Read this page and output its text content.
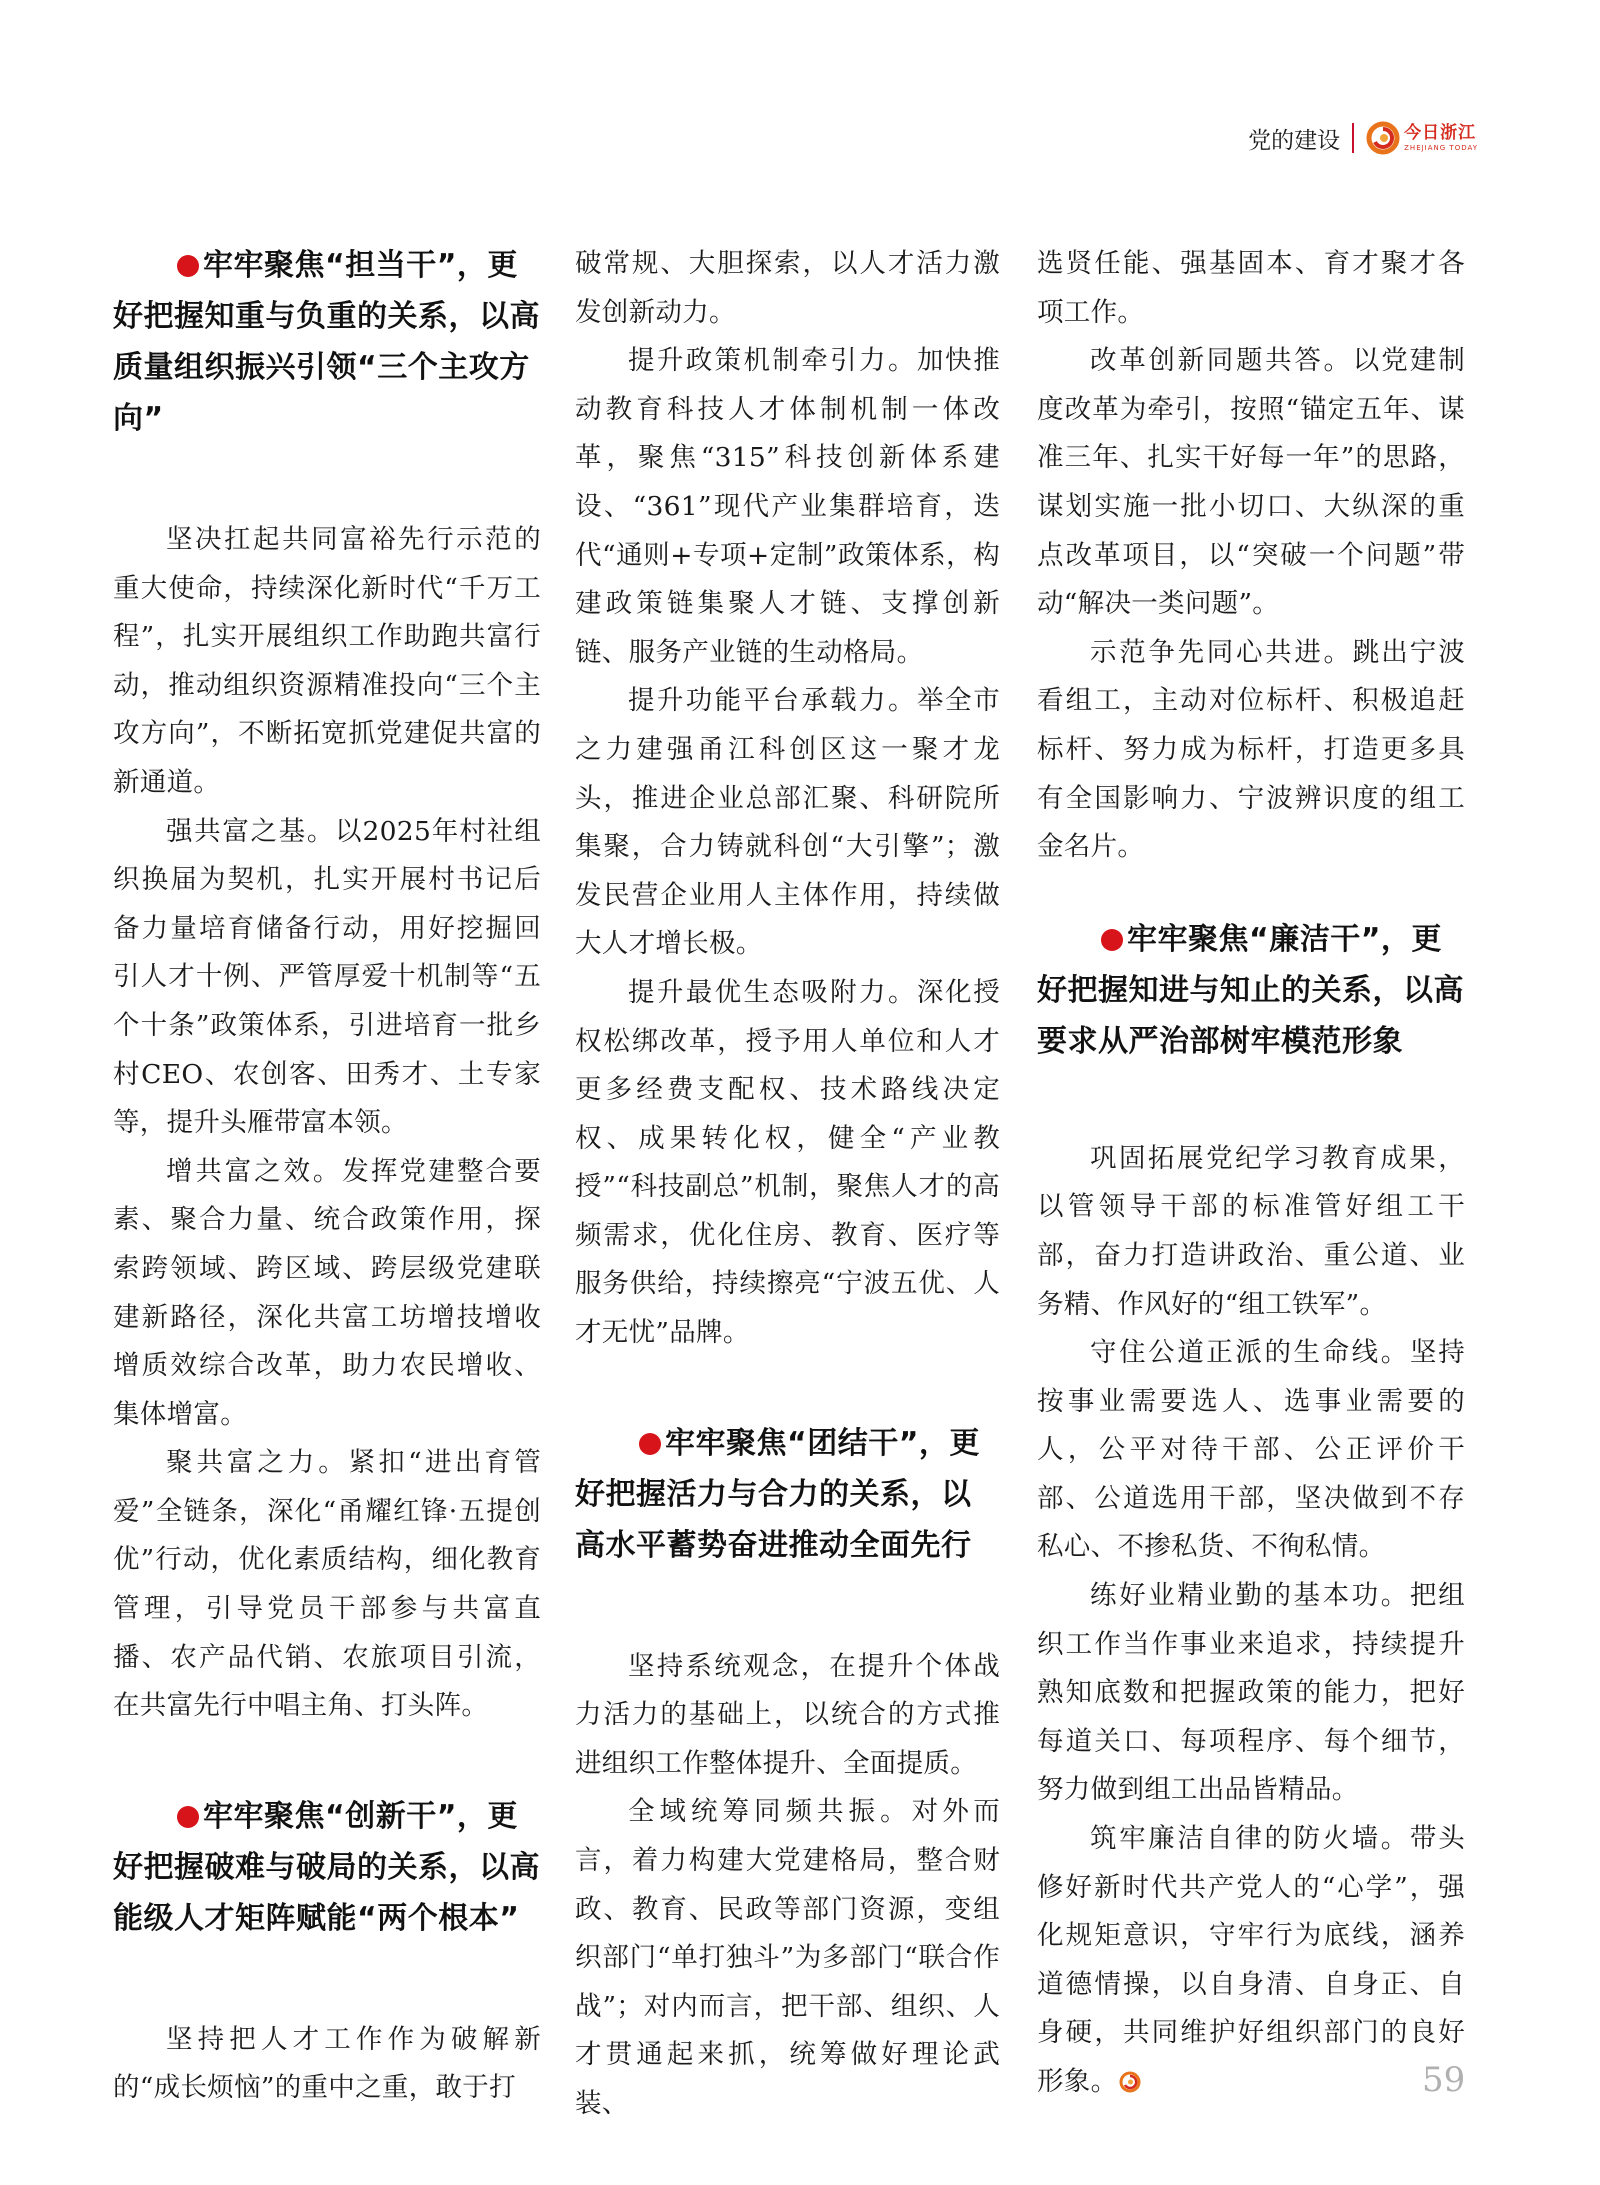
党的建设	今日浙江
ZHEJIANG TODAY
牢牢聚焦“担当干”，更好把握知重与负重的关系，以高质量组织振兴引领“三个主攻方向”

坚决扛起共同富裕先行示范的重大使命，持续深化新时代“千万工程”，扎实开展组织工作助跑共富行动，推动组织资源精准投向“三个主攻方向”，不断拓宽抓党建促共富的新通道。

强共富之基。以2025年村社组织换届为契机，扎实开展村书记后备力量培育储备行动，用好挖掘回引人才十例、严管厚爱十机制等“五个十条”政策体系，引进培育一批乡村CEO、农创客、田秀才、土专家等，提升头雁带富本领。

增共富之效。发挥党建整合要素、聚合力量、统合政策作用，探索跨领域、跨区域、跨层级党建联建新路径，深化共富工坊增技增收增质效综合改革，助力农民增收、集体增富。

聚共富之力。紧扣“进出育管爱”全链条，深化“甬耀红锋·五提创优”行动，优化素质结构，细化教育管理，引导党员干部参与共富直播、农产品代销、农旅项目引流，在共富先行中唱主角、打头阵。

牢牢聚焦“创新干”，更好把握破难与破局的关系，以高能级人才矩阵赋能“两个根本”

坚持把人才工作作为破解新的“成长烦恼”的重中之重，敢于打

破常规、大胆探索，以人才活力激发创新动力。

提升政策机制牵引力。加快推动教育科技人才体制机制一体改革，聚焦“315”科技创新体系建设、“361”现代产业集群培育，迭代“通则+专项+定制”政策体系，构建政策链集聚人才链、支撑创新链、服务产业链的生动格局。

提升功能平台承载力。举全市之力建强甬江科创区这一聚才龙头，推进企业总部汇聚、科研院所集聚，合力铸就科创“大引擎”；激发民营企业用人主体作用，持续做大人才增长极。

提升最优生态吸附力。深化授权松绑改革，授予用人单位和人才更多经费支配权、技术路线决定权、成果转化权，健全“产业教授”“科技副总”机制，聚焦人才的高频需求，优化住房、教育、医疗等服务供给，持续擦亮“宁波五优、人才无忧”品牌。

牢牢聚焦“团结干”，更好把握活力与合力的关系，以高水平蓄势奋进推动全面先行

坚持系统观念，在提升个体战力活力的基础上，以统合的方式推进组织工作整体提升、全面提质。

全域统筹同频共振。对外而言，着力构建大党建格局，整合财政、教育、民政等部门资源，变组织部门“单打独斗”为多部门“联合作战”；对内而言，把干部、组织、人才贯通起来抓，统筹做好理论武装、

选贤任能、强基固本、育才聚才各项工作。

改革创新同题共答。以党建制度改革为牵引，按照“锚定五年、谋准三年、扎实干好每一年”的思路，谋划实施一批小切口、大纵深的重点改革项目，以“突破一个问题”带动“解决一类问题”。

示范争先同心共进。跳出宁波看组工，主动对位标杆、积极追赶标杆、努力成为标杆，打造更多具有全国影响力、宁波辨识度的组工金名片。

牢牢聚焦“廉洁干”，更好把握知进与知止的关系，以高要求从严治部树牢模范形象

巩固拓展党纪学习教育成果，以管领导干部的标准管好组工干部，奋力打造讲政治、重公道、业务精、作风好的“组工铁军”。

守住公道正派的生命线。坚持按事业需要选人、选事业需要的人，公平对待干部、公正评价干部、公道选用干部，坚决做到不存私心、不掺私货、不徇私情。

练好业精业勤的基本功。把组织工作当作事业来追求，持续提升熟知底数和把握政策的能力，把好每道关口、每项程序、每个细节，努力做到组工出品皆精品。

筑牢廉洁自律的防火墙。带头修好新时代共产党人的“心学”，强化规矩意识，守牢行为底线，涵养道德情操，以自身清、自身正、自身硬，共同维护好组织部门的良好形象。	59
